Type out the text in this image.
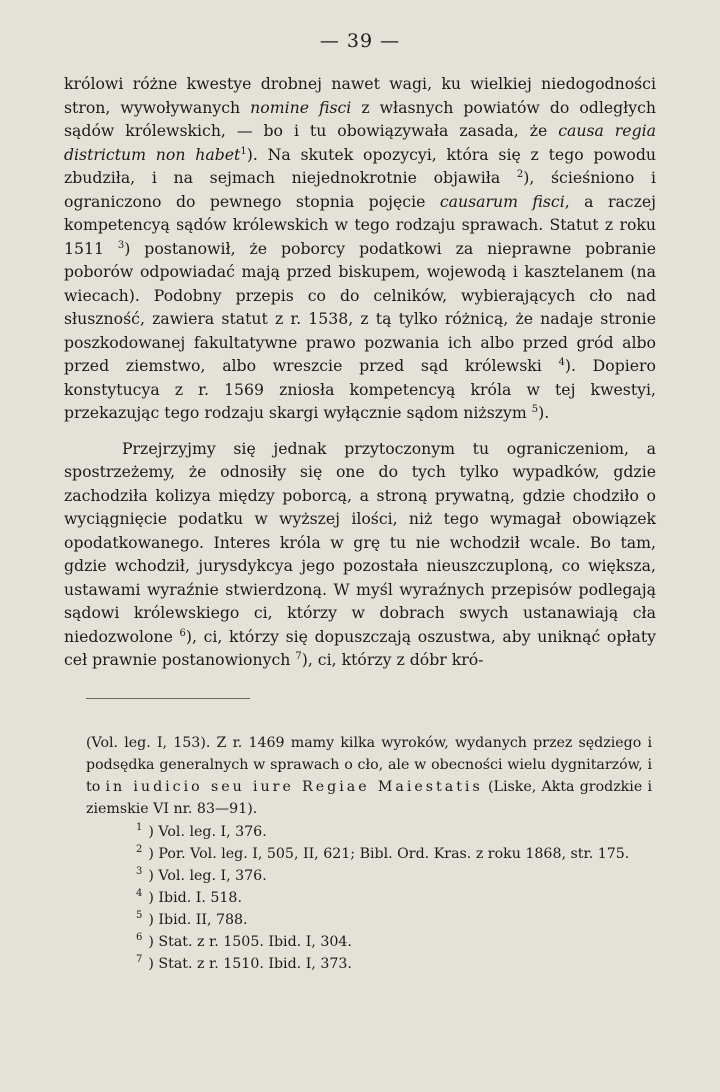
— 39 —

królowi różne kwestye drobnej nawet wagi, ku wielkiej niedogodności stron, wywoływanych nomine fisci z własnych powiatów do odległych sądów królewskich, — bo i tu obowiązywała zasada, że causa regia districtum non habet$^1$). Na skutek opozycyi, która się z tego powodu zbudziła, i na sejmach niejednokrotnie objawiła $^2$), ścieśniono i ograniczono do pewnego stopnia pojęcie causarum fisci, a raczej kompetencyą sądów królewskich w tego rodzaju sprawach. Statut z roku 1511 $^3$) postanowił, że poborcy podatkowi za nieprawne pobranie poborów odpowiadać mają przed biskupem, wojewodą i kasztelanem (na wiecach). Podobny przepis co do celników, wybierających cło nad słuszność, zawiera statut z r. 1538, z tą tylko różnicą, że nadaje stronie poszkodowanej fakultatywne prawo pozwania ich albo przed gród albo przed ziemstwo, albo wreszcie przed sąd królewski $^4$). Dopiero konstytucya z r. 1569 zniosła kompetencyą króla w tej kwestyi, przekazując tego rodzaju skargi wyłącznie sądom niższym $^5$).

Przejrzyjmy się jednak przytoczonym tu ograniczeniom, a spostrzeżemy, że odnosiły się one do tych tylko wypadków, gdzie zachodziła kolizya między poborcą, a stroną prywatną, gdzie chodziło o wyciągnięcie podatku w wyższej ilości, niż tego wymagał obowiązek opodatkowanego. Interes króla w grę tu nie wchodził wcale. Bo tam, gdzie wchodził, jurysdykcya jego pozostała nieuszczuploną, co większa, ustawami wyraźnie stwierdzoną. W myśl wyraźnych przepisów podlegają sądowi królewskiego ci, którzy w dobrach swych ustanawiają cła niedozwolone $^6$), ci, którzy się dopuszczają oszustwa, aby uniknąć opłaty ceł prawnie postanowionych $^7$), ci, którzy z dóbr kró-

(Vol. leg. I, 153). Z r. 1469 mamy kilka wyroków, wydanych przez sędziego i podsędka generalnych w sprawach o cło, ale w obecności wielu dygnitarzów, i to in iudicio seu iure Regiae Maiestatis (Liske, Akta grodzkie i ziemskie VI nr. 83—91).

$^1$ ) Vol. leg. I, 376.
$^2$ ) Por. Vol. leg. I, 505, II, 621; Bibl. Ord. Kras. z roku 1868, str. 175.
$^3$ ) Vol. leg. I, 376.
$^4$ ) Ibid. I. 518.
$^5$ ) Ibid. II, 788.
$^6$ ) Stat. z r. 1505. Ibid. I, 304.
$^7$ ) Stat. z r. 1510. Ibid. I, 373.
